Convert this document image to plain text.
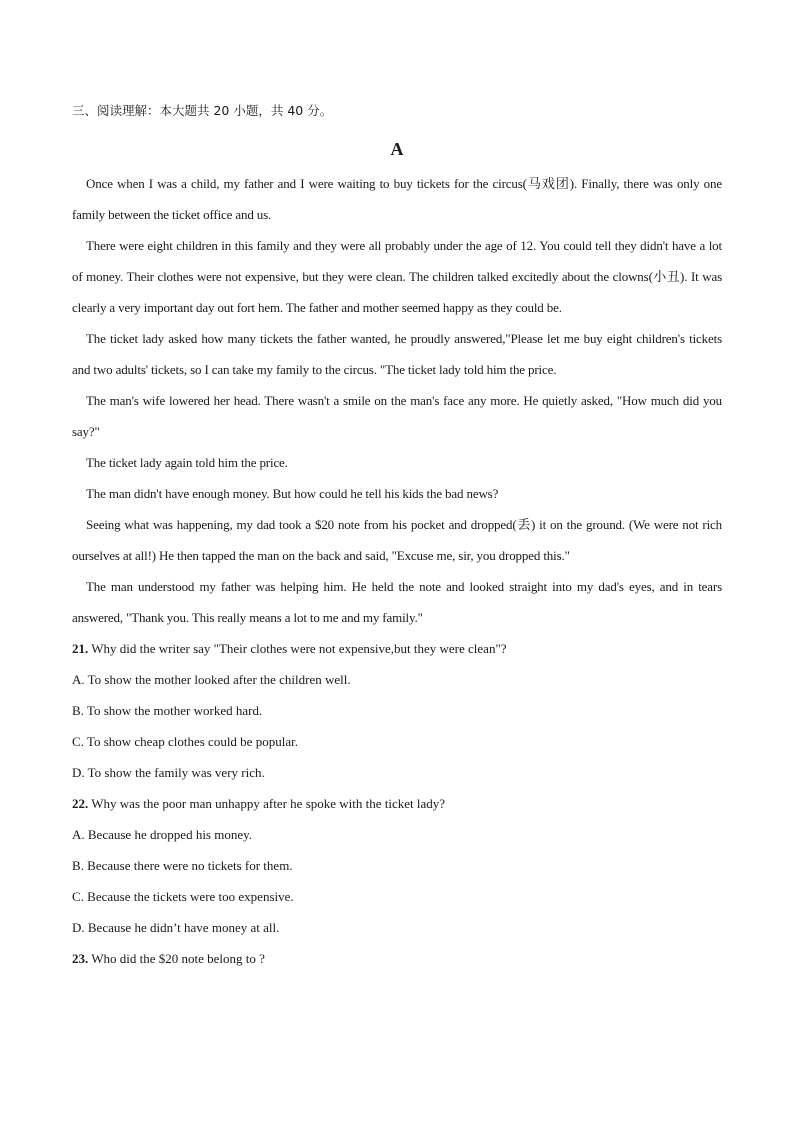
三、阅读理解：本大题共 20 小题，共 40 分。

A

Once when I was a child, my father and I were waiting to buy tickets for the circus(马戏团). Finally, there was only one family between the ticket office and us.

There were eight children in this family and they were all probably under the age of 12. You could tell they didn't have a lot of money. Their clothes were not expensive, but they were clean. The children talked excitedly about the clowns(小丑). It was clearly a very important day out fort hem. The father and mother seemed happy as they could be.

The ticket lady asked how many tickets the father wanted, he proudly answered,"Please let me buy eight children's tickets and two adults' tickets, so I can take my family to the circus. "The ticket lady told him the price.

The man's wife lowered her head. There wasn't a smile on the man's face any more. He quietly asked, "How much did you say?"

The ticket lady again told him the price.

The man didn't have enough money. But how could he tell his kids the bad news?

Seeing what was happening, my dad took a $20 note from his pocket and dropped(丢) it on the ground. (We were not rich ourselves at all!) He then tapped the man on the back and said, "Excuse me, sir, you dropped this."

The man understood my father was helping him. He held the note and looked straight into my dad's eyes, and in tears answered, "Thank you. This really means a lot to me and my family."

21. Why did the writer say "Their clothes were not expensive,but they were clean"?

A. To show the mother looked after the children well.

B. To show the mother worked hard.

C. To show cheap clothes could be popular.

D. To show the family was very rich.

22. Why was the poor man unhappy after he spoke with the ticket lady?

A. Because he dropped his money.

B. Because there were no tickets for them.

C. Because the tickets were too expensive.

D. Because he didn’t have money at all.

23. Who did the $20 note belong to ?
